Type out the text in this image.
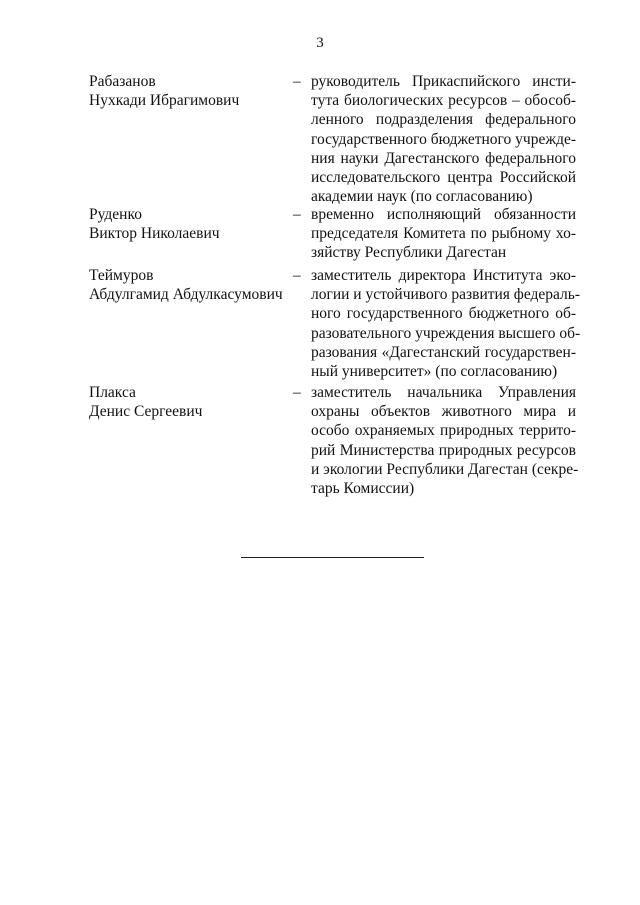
3
Рабазанов
Нухкади Ибрагимович
– руководитель Прикаспийского инсти-
тута биологических ресурсов – обособ-
ленного подразделения федерального
государственного бюджетного учрежде-
ния науки Дагестанского федерального
исследовательского центра Российской
академии наук (по согласованию)
Руденко
Виктор Николаевич
– временно исполняющий обязанности
председателя Комитета по рыбному хо-
зяйству Республики Дагестан
Теймуров
Абдулгамид Абдулкасумович
– заместитель директора Института эко-
логии и устойчивого развития федераль-
ного государственного бюджетного об-
разовательного учреждения высшего об-
разования «Дагестанский государствен-
ный университет» (по согласованию)
Плакса
Денис Сергеевич
– заместитель начальника Управления
охраны объектов животного мира и
особо охраняемых природных террито-
рий Министерства природных ресурсов
и экологии Республики Дагестан (секре-
тарь Комиссии)
